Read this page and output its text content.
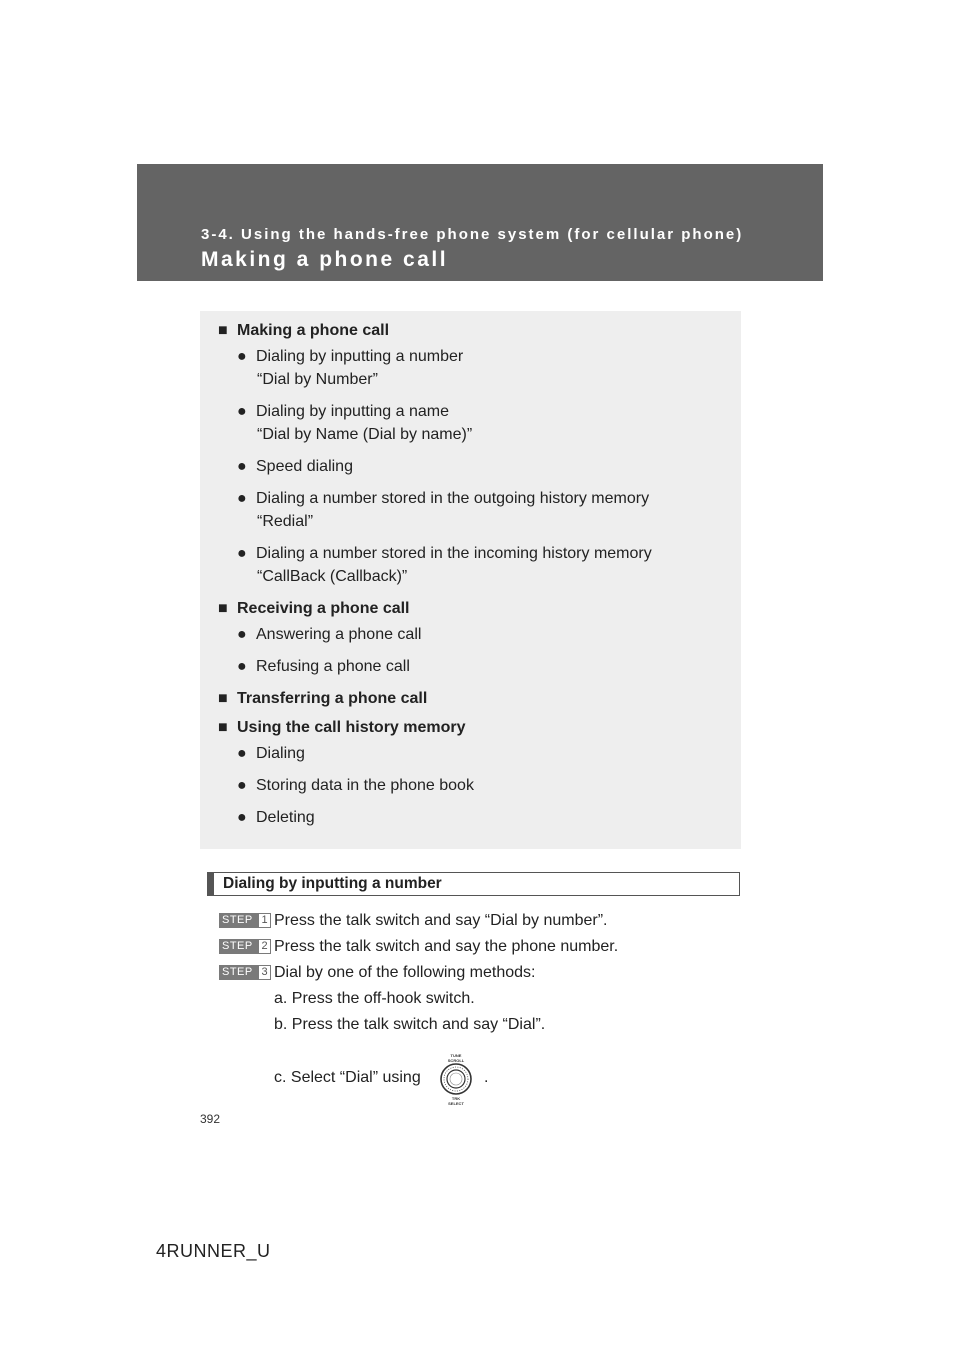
3-4. Using the hands-free phone system (for cellular phone)
Making a phone call
■ Making a phone call
● Dialing by inputting a number
“Dial by Number”
● Dialing by inputting a name
“Dial by Name (Dial by name)”
● Speed dialing
● Dialing a number stored in the outgoing history memory
“Redial”
● Dialing a number stored in the incoming history memory
“CallBack (Callback)”
■ Receiving a phone call
● Answering a phone call
● Refusing a phone call
■ Transferring a phone call
■ Using the call history memory
● Dialing
● Storing data in the phone book
● Deleting
Dialing by inputting a number
STEP 1 Press the talk switch and say “Dial by number”.
STEP 2 Press the talk switch and say the phone number.
STEP 3 Dial by one of the following methods:
a. Press the off-hook switch.
b. Press the talk switch and say “Dial”.
c. Select “Dial” using
TUNE
SCROLL
TRK
SELECT
.
392
4RUNNER_U
